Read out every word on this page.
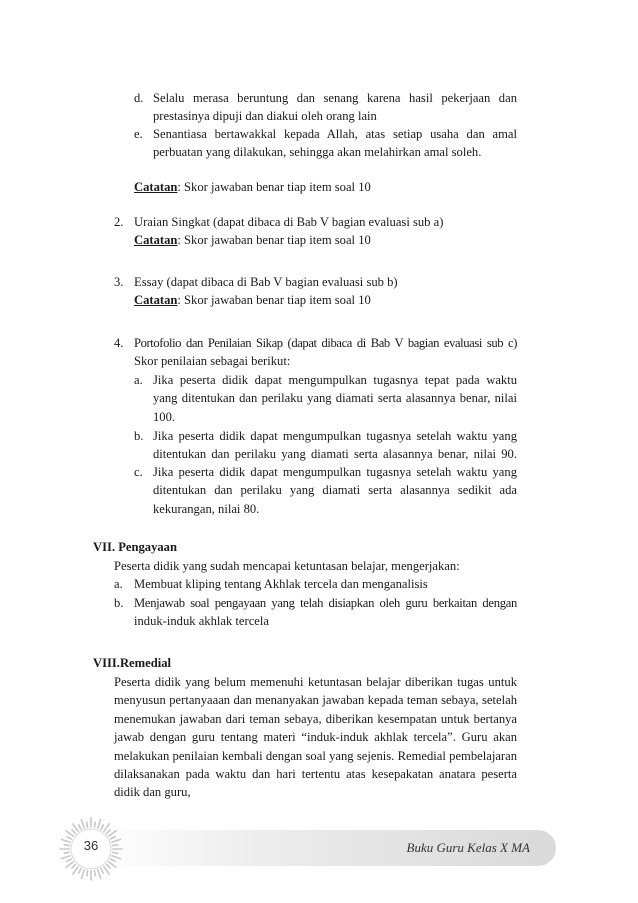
d. Selalu merasa beruntung dan senang karena hasil pekerjaan dan
prestasinya dipuji dan diakui oleh orang lain
e. Senantiasa bertawakkal kepada Allah, atas setiap usaha dan amal
perbuatan yang dilakukan, sehingga akan melahirkan amal soleh.
Catatan: Skor jawaban benar tiap item soal 10
2. Uraian Singkat (dapat dibaca di Bab V bagian evaluasi sub a)
Catatan: Skor jawaban benar tiap item soal 10
3. Essay (dapat dibaca di Bab V bagian evaluasi sub b)
Catatan: Skor jawaban benar tiap item soal 10
4. Portofolio dan Penilaian Sikap (dapat dibaca di Bab V bagian evaluasi sub c)
Skor penilaian sebagai berikut:
a. Jika peserta didik dapat mengumpulkan tugasnya tepat pada waktu
yang ditentukan dan perilaku yang diamati serta alasannya benar, nilai
100.
b. Jika peserta didik dapat mengumpulkan tugasnya setelah waktu yang
ditentukan dan perilaku yang diamati serta alasannya benar, nilai 90.
c. Jika peserta didik dapat mengumpulkan tugasnya setelah waktu yang
ditentukan dan perilaku yang diamati serta alasannya sedikit ada
kekurangan, nilai 80.
VII. Pengayaan
Peserta didik yang sudah mencapai ketuntasan belajar, mengerjakan:
a. Membuat kliping tentang Akhlak tercela dan menganalisis
b. Menjawab soal pengayaan yang telah disiapkan oleh guru berkaitan dengan
induk-induk akhlak tercela
VIII.Remedial
Peserta didik yang belum memenuhi ketuntasan belajar diberikan tugas untuk
menyusun pertanyaaan dan menanyakan jawaban kepada teman sebaya, setelah
menemukan jawaban dari teman sebaya, diberikan kesempatan untuk bertanya
jawab dengan guru tentang materi “induk-induk akhlak tercela”. Guru akan
melakukan penilaian kembali dengan soal yang sejenis. Remedial pembelajaran
dilaksanakan pada waktu dan hari tertentu atas kesepakatan anatara peserta
didik dan guru,
36	Buku Guru Kelas X MA
